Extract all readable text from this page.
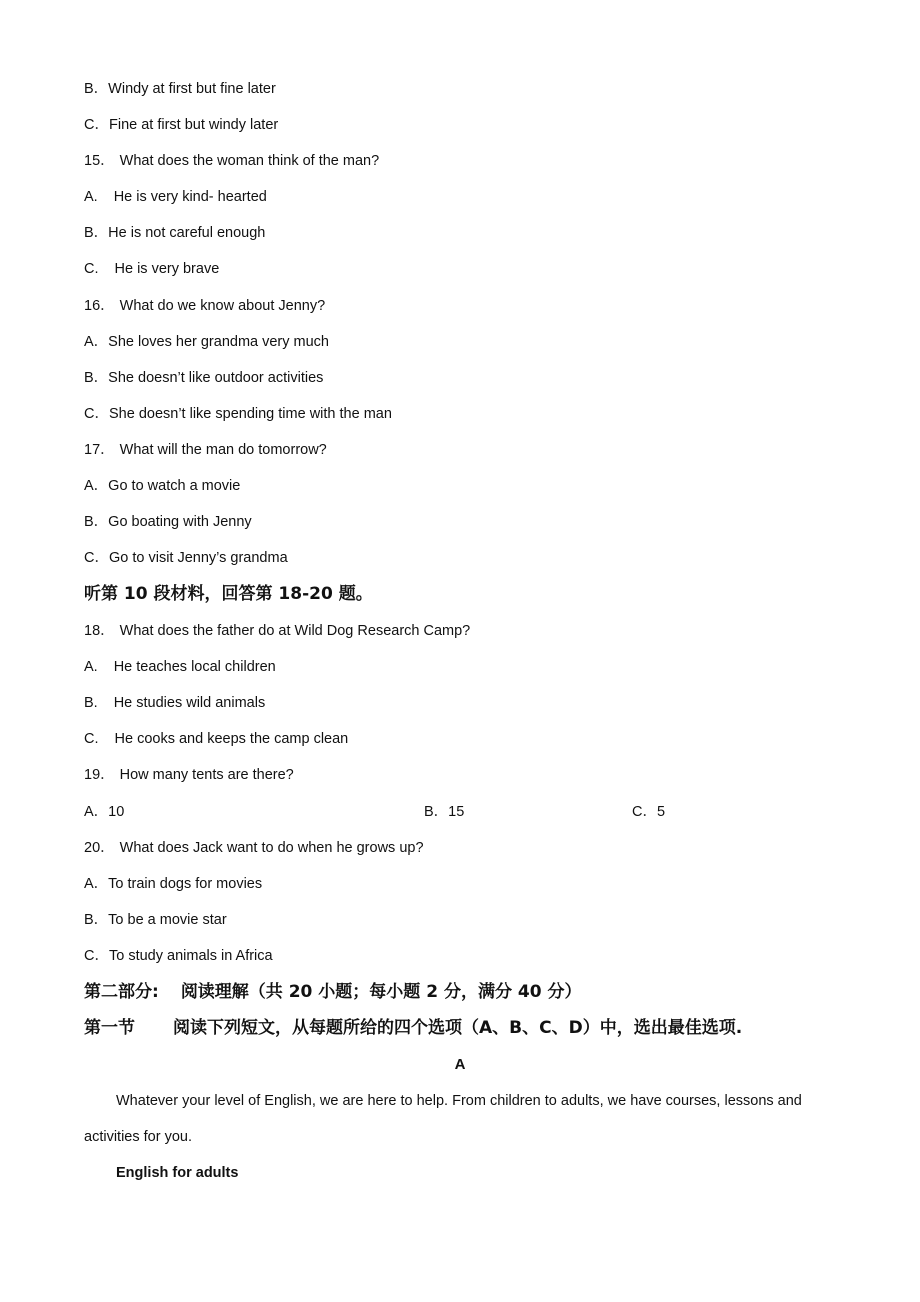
B．Windy at first but fine later
C．Fine at first but windy later
15． What does the woman think of the man?
A. He is very kind- hearted
B．He is not careful enough
C. He is very brave
16． What do we know about Jenny?
A．She loves her grandma very much
B．She doesn’t like outdoor activities
C．She doesn’t like spending time with the man
17． What will the man do tomorrow?
A．Go to watch a movie
B．Go boating with Jenny
C．Go to visit Jenny’s grandma
听第 10 段材料，回答第 18-20 题。
18． What does the father do at Wild Dog Research Camp?
A. He teaches local children
B. He studies wild animals
C. He cooks and keeps the camp clean
19． How many tents are there?
A．10	B．15	C．5
20． What does Jack want to do when he grows up?
A．To train dogs for movies
B．To be a movie star
C．To study animals in Africa
第二部分: 阅读理解（共 20 小题；每小题 2 分，满分 40 分）
第一节 阅读下列短文，从每题所给的四个选项（A、B、C、D）中，选出最佳选项.
A
Whatever your level of English, we are here to help. From children to adults, we have courses, lessons and activities for you.
English for adults
